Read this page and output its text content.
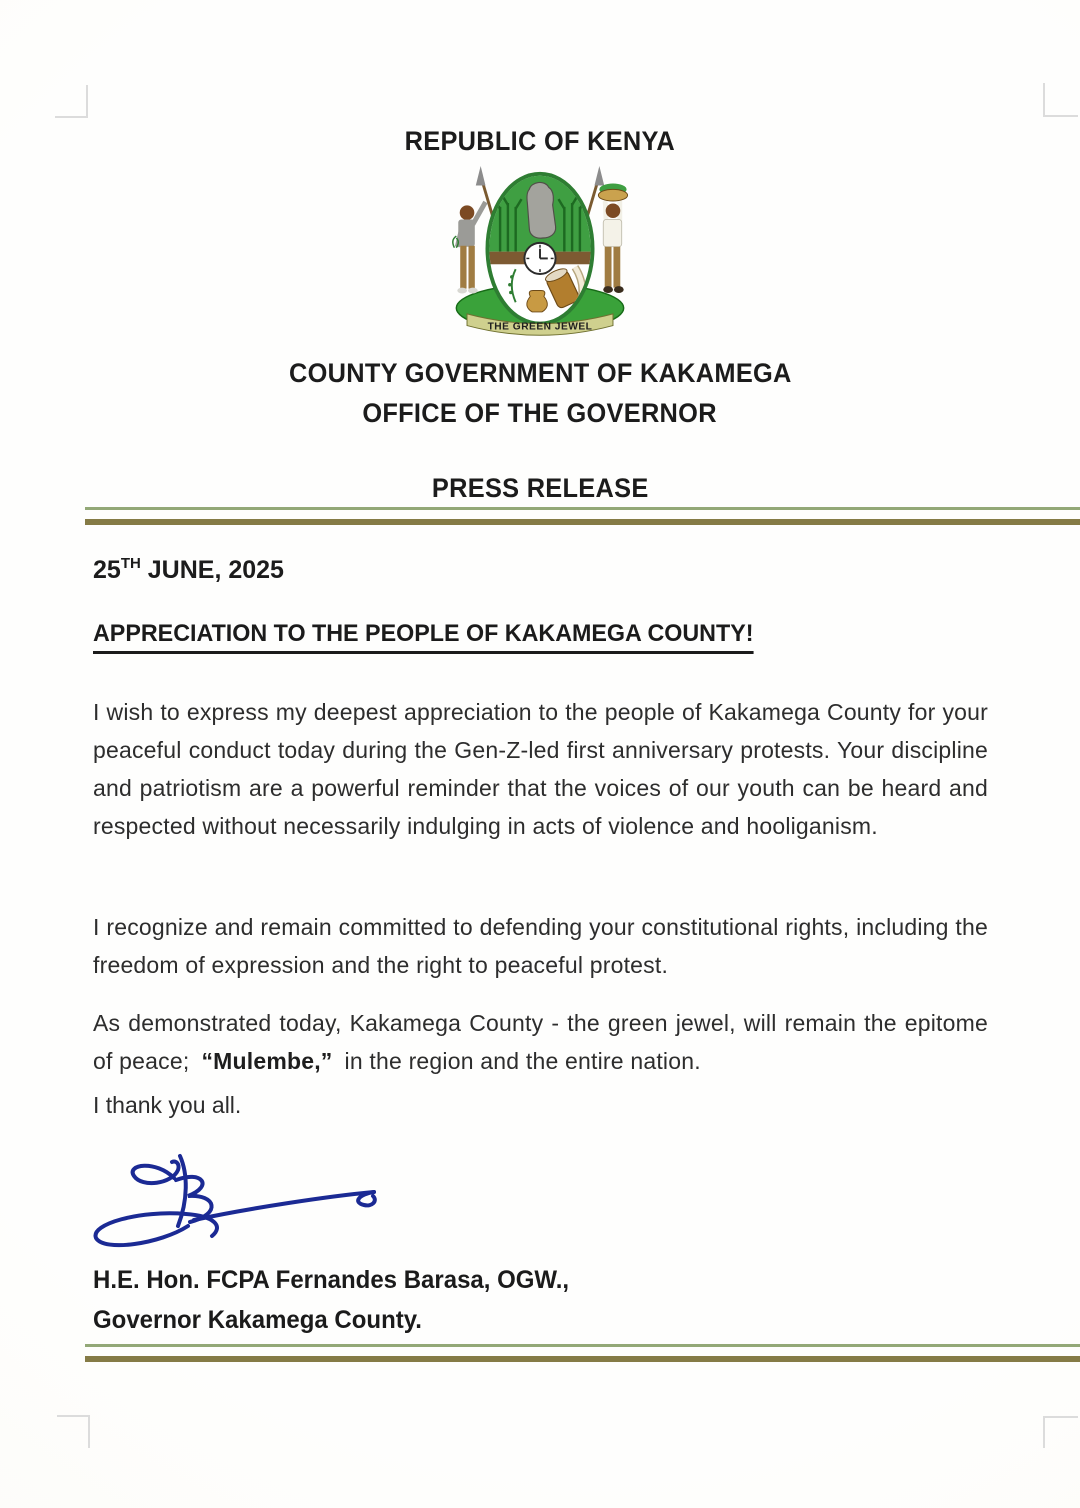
REPUBLIC OF KENYA
THE GREEN JEWEL
COUNTY GOVERNMENT OF KAKAMEGA
OFFICE OF THE GOVERNOR
PRESS RELEASE
25TH JUNE, 2025
APPRECIATION TO THE PEOPLE OF KAKAMEGA COUNTY!

I wish to express my deepest appreciation to the people of Kakamega County for your peaceful conduct today during the Gen-Z-led first anniversary protests. Your discipline and patriotism are a powerful reminder that the voices of our youth can be heard and respected without necessarily indulging in acts of violence and hooliganism.

I recognize and remain committed to defending your constitutional rights, including the freedom of expression and the right to peaceful protest.

As demonstrated today, Kakamega County - the green jewel, will remain the epitome of peace; “Mulembe,” in the region and the entire nation.

I thank you all.
H.E. Hon. FCPA Fernandes Barasa, OGW.,
Governor Kakamega County.
